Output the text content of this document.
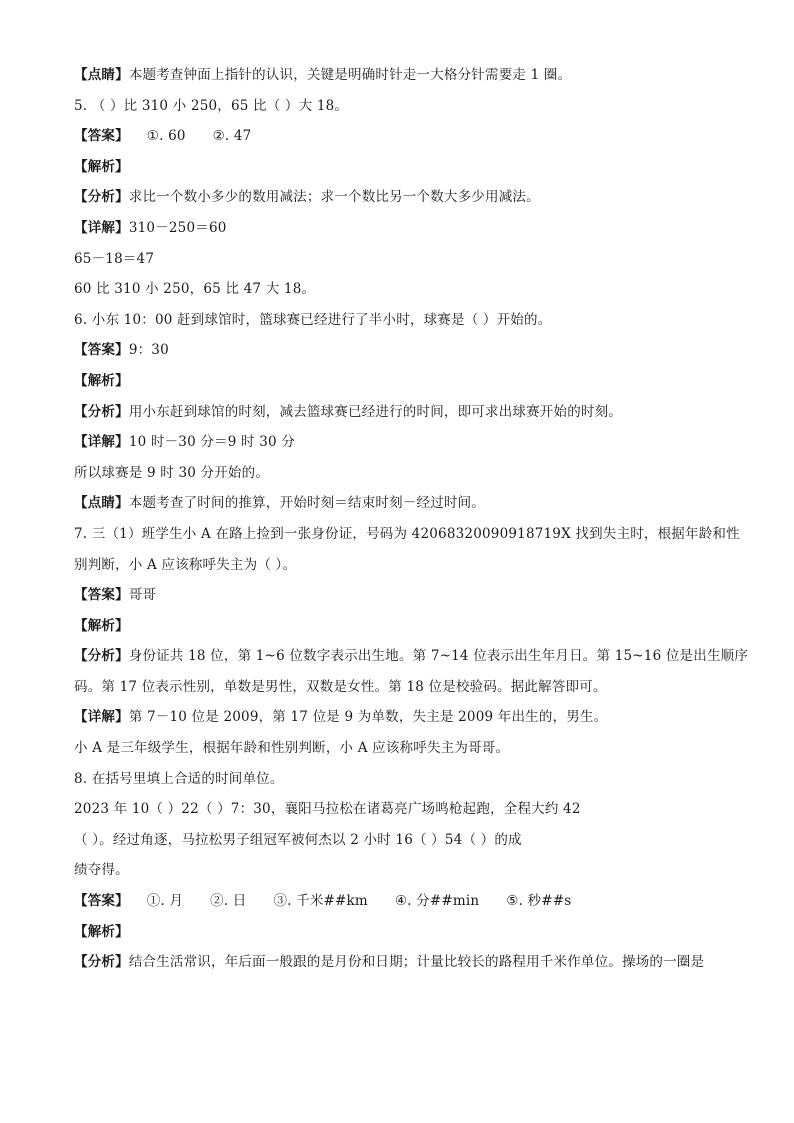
【点睛】本题考查钟面上指针的认识，关键是明确时针走一大格分针需要走 1 圈。
5. （ ）比 310 小 250，65 比（ ）大 18。
【答案】    ①. 60      ②. 47
【解析】
【分析】求比一个数小多少的数用减法；求一个数比另一个数大多少用减法。
【详解】310－250＝60
65－18＝47
60 比 310 小 250，65 比 47 大 18。
6. 小东 10：00 赶到球馆时，篮球赛已经进行了半小时，球赛是（ ）开始的。
【答案】9：30
【解析】
【分析】用小东赶到球馆的时刻，减去篮球赛已经进行的时间，即可求出球赛开始的时刻。
【详解】10 时－30 分＝9 时 30 分
所以球赛是 9 时 30 分开始的。
【点睛】本题考查了时间的推算，开始时刻＝结束时刻－经过时间。
7. 三（1）班学生小 A 在路上捡到一张身份证，号码为 42068320090918719X 找到失主时，根据年龄和性
别判断，小 A 应该称呼失主为（ ）。
【答案】哥哥
【解析】
【分析】身份证共 18 位，第 1~6 位数字表示出生地。第 7~14 位表示出生年月日。第 15~16 位是出生顺序
码。第 17 位表示性别，单数是男性，双数是女性。第 18 位是校验码。据此解答即可。
【详解】第 7－10 位是 2009，第 17 位是 9 为单数，失主是 2009 年出生的，男生。
小 A 是三年级学生，根据年龄和性别判断，小 A 应该称呼失主为哥哥。
8. 在括号里填上合适的时间单位。
2023 年 10（ ）22（ ）7：30，襄阳马拉松在诸葛亮广场鸣枪起跑，全程大约 42
（ ）。经过角逐，马拉松男子组冠军被何杰以 2 小时 16（ ）54（ ）的成
绩夺得。
【答案】    ①. 月      ②. 日      ③. 千米##km      ④. 分##min      ⑤. 秒##s
【解析】
【分析】结合生活常识，年后面一般跟的是月份和日期；计量比较长的路程用千米作单位。操场的一圈是
